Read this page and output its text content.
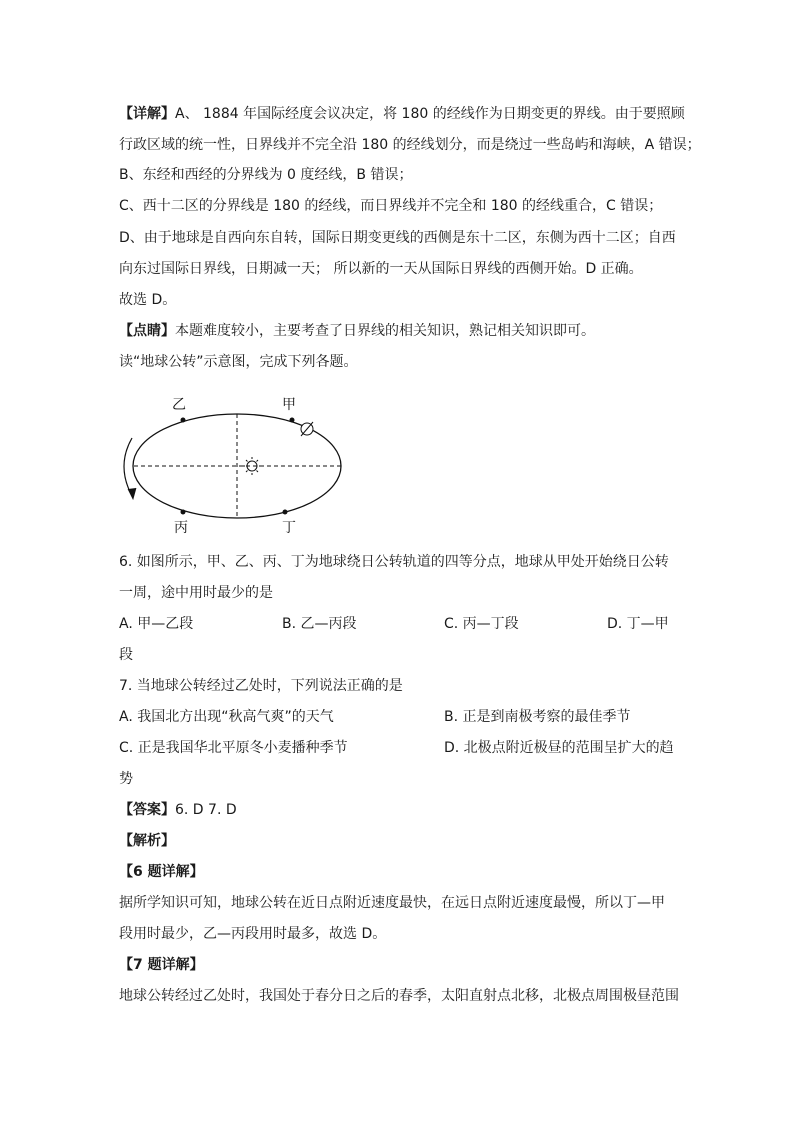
【详解】A、 1884 年国际经度会议决定，将 180 的经线作为日期变更的界线。由于要照顾
行政区域的统一性，日界线并不完全沿 180 的经线划分，而是绕过一些岛屿和海峡，A 错误；
B、东经和西经的分界线为 0 度经线，B 错误；
C、西十二区的分界线是 180 的经线，而日界线并不完全和 180 的经线重合，C 错误；
D、由于地球是自西向东自转，国际日期变更线的西侧是东十二区，东侧为西十二区；自西
向东过国际日界线，日期减一天； 所以新的一天从国际日界线的西侧开始。D 正确。
故选 D。
【点睛】本题难度较小，主要考查了日界线的相关知识，熟记相关知识即可。
读“地球公转”示意图，完成下列各题。
乙	甲
丙	丁
6. 如图所示，甲、乙、丙、丁为地球绕日公转轨道的四等分点，地球从甲处开始绕日公转
一周，途中用时最少的是
A. 甲—乙段	B. 乙—丙段	C. 丙—丁段	D. 丁—甲
段
7. 当地球公转经过乙处时，下列说法正确的是
A. 我国北方出现“秋高气爽”的天气	B. 正是到南极考察的最佳季节
C. 正是我国华北平原冬小麦播种季节	D. 北极点附近极昼的范围呈扩大的趋
势
【答案】6. D 7. D
【解析】
【6 题详解】
据所学知识可知，地球公转在近日点附近速度最快，在远日点附近速度最慢，所以丁—甲
段用时最少，乙—丙段用时最多，故选 D。
【7 题详解】
地球公转经过乙处时，我国处于春分日之后的春季，太阳直射点北移，北极点周围极昼范围
